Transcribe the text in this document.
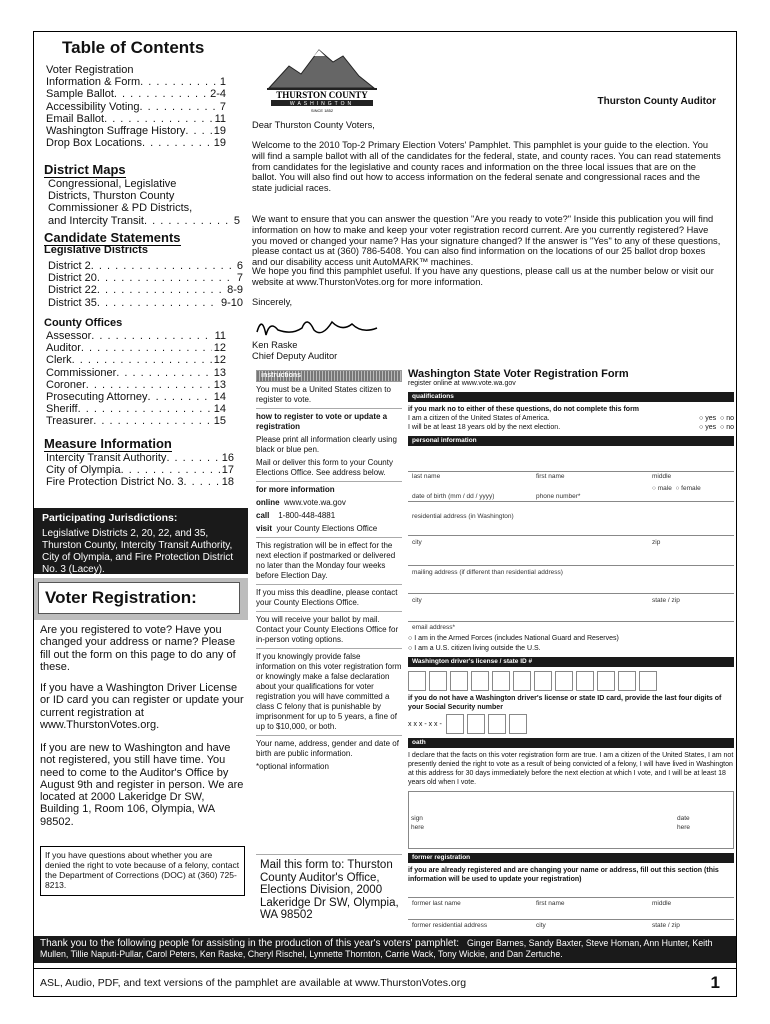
Table of Contents
Voter Registration
Information & Form . . .	1
Sample Ballot . . .	2-4
Accessibility Voting . . .	7
Email Ballot . . .	11
Washington Suffrage History . . .	19
Drop Box Locations . . .	19
District Maps
Congressional, Legislative
Districts, Thurston County
Commissioner & PD Districts,
and Intercity Transit . . .	5
Candidate Statements
Legislative Districts
District 2 . . .	6
District 20 . . .	7
District 22 . . .	8-9
District 35 . . .	9-10
County Offices
Assessor . . .	11
Auditor . . .	12
Clerk . . .	12
Commissioner . . .	13
Coroner . . .	13
Prosecuting Attorney . . .	14
Sheriff . . .	14
Treasurer . . .	15
Measure Information
Intercity Transit Authority . . .	16
City of Olympia . . .	17
Fire Protection District No. 3 . . .	18
Participating Jurisdictions:
Legislative Districts 2, 20, 22, and 35, Thurston County, Intercity Transit Authority, City of Olympia, and Fire Protection District No. 3 (Lacey).
Voter Registration:
Are you registered to vote? Have you changed your address or name? Please fill out the form on this page to do any of these.
If you have a Washington Driver License or ID card you can register or update your current registration at www.ThurstonVotes.org.
If you are new to Washington and have not registered, you still have time. You need to come to the Auditor's Office by August 9th and register in person. We are located at 2000 Lakeridge Dr SW, Building 1, Room 106, Olympia, WA 98502.
If you have questions about whether you are denied the right to vote because of a felony, contact the Department of Corrections (DOC) at (360) 725-8213.
THURSTON COUNTY
WASHINGTON
SINCE 1852
Thurston County Auditor
Dear Thurston County Voters,
Welcome to the 2010 Top-2 Primary Election Voters' Pamphlet. This pamphlet is your guide to the election. You will find a sample ballot with all of the candidates for the federal, state, and county races. You can read statements from candidates for the legislative and county races and information on the three local issues that are on the ballot. You will also find out how to access information on the federal senate and congressional races and the state judicial races.
We want to ensure that you can answer the question "Are you ready to vote?" Inside this publication you will find information on how to make and keep your voter registration record current. Are you currently registered? Have you moved or changed your name? Has your signature changed? If the answer is "Yes" to any of these questions, please contact us at (360) 786-5408. You can also find information on the locations of our 25 ballot drop boxes and our disability access unit AutoMARK™ machines.
We hope you find this pamphlet useful. If you have any questions, please call us at the number below or visit our website at www.ThurstonVotes.org for more information.
Sincerely,
Ken Raske
Chief Deputy Auditor
instructions

You must be a United States citizen to register to vote.

how to register to vote or update a registration

Please print all information clearly using black or blue pen.

Mail or deliver this form to your County Elections Office. See address below.

for more information

online www.vote.wa.gov

call 1-800-448-4881

visit your County Elections Office

This registration will be in effect for the next election if postmarked or delivered no later than the Monday four weeks before Election Day.

If you miss this deadline, please contact your County Elections Office.

You will receive your ballot by mail. Contact your County Elections Office for in-person voting options.

If you knowingly provide false information on this voter registration form or knowingly make a false declaration about your qualifications for voter registration you will have committed a class C felony that is punishable by imprisonment for up to 5 years, a fine of up to $10,000, or both.

Your name, address, gender and date of birth are public information.

*optional information

Mail this form to: Thurston County Auditor's Office, Elections Division, 2000 Lakeridge Dr SW, Olympia, WA 98502
Washington State Voter Registration Form
register online at www.vote.wa.gov
qualifications
if you mark no to either of these questions, do not complete this form
I am a citizen of the United States of America.	○ yes  ○ no
I will be at least 18 years old by the next election.	○ yes  ○ no
personal information
last name	first name	middle
○ male  ○ female
date of birth (mm / dd / yyyy)	phone number*
residential address (in Washington)
city	zip
mailing address (if different than residential address)
city	state / zip
email address*
○ I am in the Armed Forces (includes National Guard and Reserves)
○ I am a U.S. citizen living outside the U.S.
Washington driver's license / state ID #
if you do not have a Washington driver's license or state ID card, provide the last four digits of your Social Security number
x x x - x x -
oath
I declare that the facts on this voter registration form are true. I am a citizen of the United States, I am not presently denied the right to vote as a result of being convicted of a felony, I will have lived in Washington at this address for 30 days immediately before the next election at which I vote, and I will be at least 18 years old when I vote.
sign here
date here
former registration
if you are already registered and are changing your name or address, fill out this section (this information will be used to update your registration)
former last name	first name	middle
former residential address	city	state / zip
Thank you to the following people for assisting in the production of this year's voters' pamphlet: Ginger Barnes, Sandy Baxter, Steve Homan, Ann Hunter, Keith Mullen, Tillie Naputi-Pullar, Carol Peters, Ken Raske, Cheryl Rischel, Lynnette Thornton, Carrie Wack, Tony Wickie, and Dan Zertuche.
ASL, Audio, PDF, and text versions of the pamphlet are available at www.ThurstonVotes.org	1
